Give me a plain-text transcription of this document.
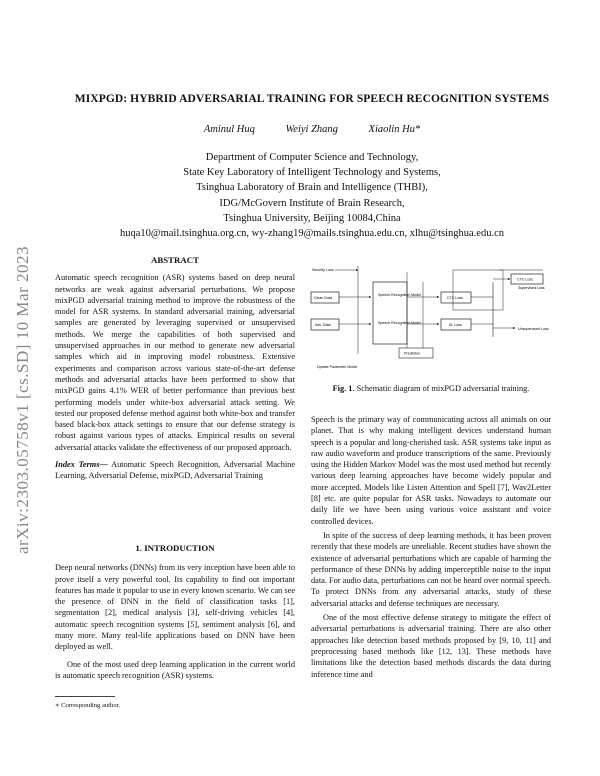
arXiv:2303.05758v1 [cs.SD] 10 Mar 2023
MIXPGD: HYBRID ADVERSARIAL TRAINING FOR SPEECH RECOGNITION SYSTEMS
Aminul Huq	Weiyi Zhang	Xiaolin Hu*
Department of Computer Science and Technology,
State Key Laboratory of Intelligent Technology and Systems,
Tsinghua Laboratory of Brain and Intelligence (THBI),
IDG/McGovern Institute of Brain Research,
Tsinghua University, Beijing 10084,China
huqa10@mail.tsinghua.org.cn, wy-zhang19@mails.tsinghua.edu.cn, xlhu@tsinghua.edu.cn
ABSTRACT

Automatic speech recognition (ASR) systems based on deep neural networks are weak against adversarial perturbations. We propose mixPGD adversarial training method to improve the robustness of the model for ASR systems. In standard adversarial training, adversarial samples are generated by leveraging supervised or unsupervised methods. We merge the capabilities of both supervised and unsupervised approaches in our method to generate new adversarial samples which aid in improving model robustness. Extensive experiments and comparison across various state-of-the-art defense methods and adversarial attacks have been performed to show that mixPGD gains 4.1% WER of better performance than previous best performing models under white-box adversarial attack setting. We tested our proposed defense method against both white-box and transfer based black-box attack settings to ensure that our defense strategy is robust against various types of attacks. Empirical results on several adversarial attacks validate the effectiveness of our proposed approach.

Index Terms— Automatic Speech Recognition, Adversarial Machine Learning, Adversarial Defense, mixPGD, Adversarial Training

1. INTRODUCTION

Deep neural networks (DNNs) from its very inception have been able to prove itself a very powerful tool. Its capability to find out important features has made it popular to use in every known scenario. We can see the presence of DNN in the field of classification tasks [1], segmentation [2], medical analysis [3], self-driving vehicles [4], automatic speech recognition systems [5], sentiment analysis [6], and many more. Many real-life applications based on DNN have been deployed as well.

One of the most used deep learning application in the current world is automatic speech recognition (ASR) systems.

∗ Corresponding author.
Security Loss
Clean Data
Adv. Data
Speech Recognition Model
Speech Recognition Model
Prediction
CTC Loss
KL Loss
CTC Loss
Supervised Loss
Unsupervised Loss
Update Parameter Model
Fig. 1. Schematic diagram of mixPGD adversarial training.

Speech is the primary way of communicating across all animals on our planet. That is why making intelligent devices understand human speech is a popular and long-cherished task. ASR systems take input as raw audio waveform and produce transcriptions of the same. Previously using the Hidden Markov Model was the most used method but recently various deep learning approaches have become widely popular and more accepted. Models like Listen Attention and Spell [7], Wav2Letter [8] etc. are quite popular for ASR tasks. Nowadays to automate our daily life we have been using various voice assistant and voice controlled devices.

In spite of the success of deep learning methods, it has been proven recently that these models are unreliable. Recent studies have shown the existence of adversarial perturbations which are capable of harming the performance of these DNNs by adding imperceptible noise to the input data. For audio data, perturbations can not be heard over normal speech. To protect DNNs from any adversarial attacks, study of these adversarial attacks and defense techniques are necessary.

One of the most effective defense strategy to mitigate the effect of adversarial perturbations is adversarial training. There are also other approaches like detection based methods proposed by [9, 10, 11] and preprocessing based methods like [12, 13]. These methods have limitations like the detection based methods discards the data during inference time and
